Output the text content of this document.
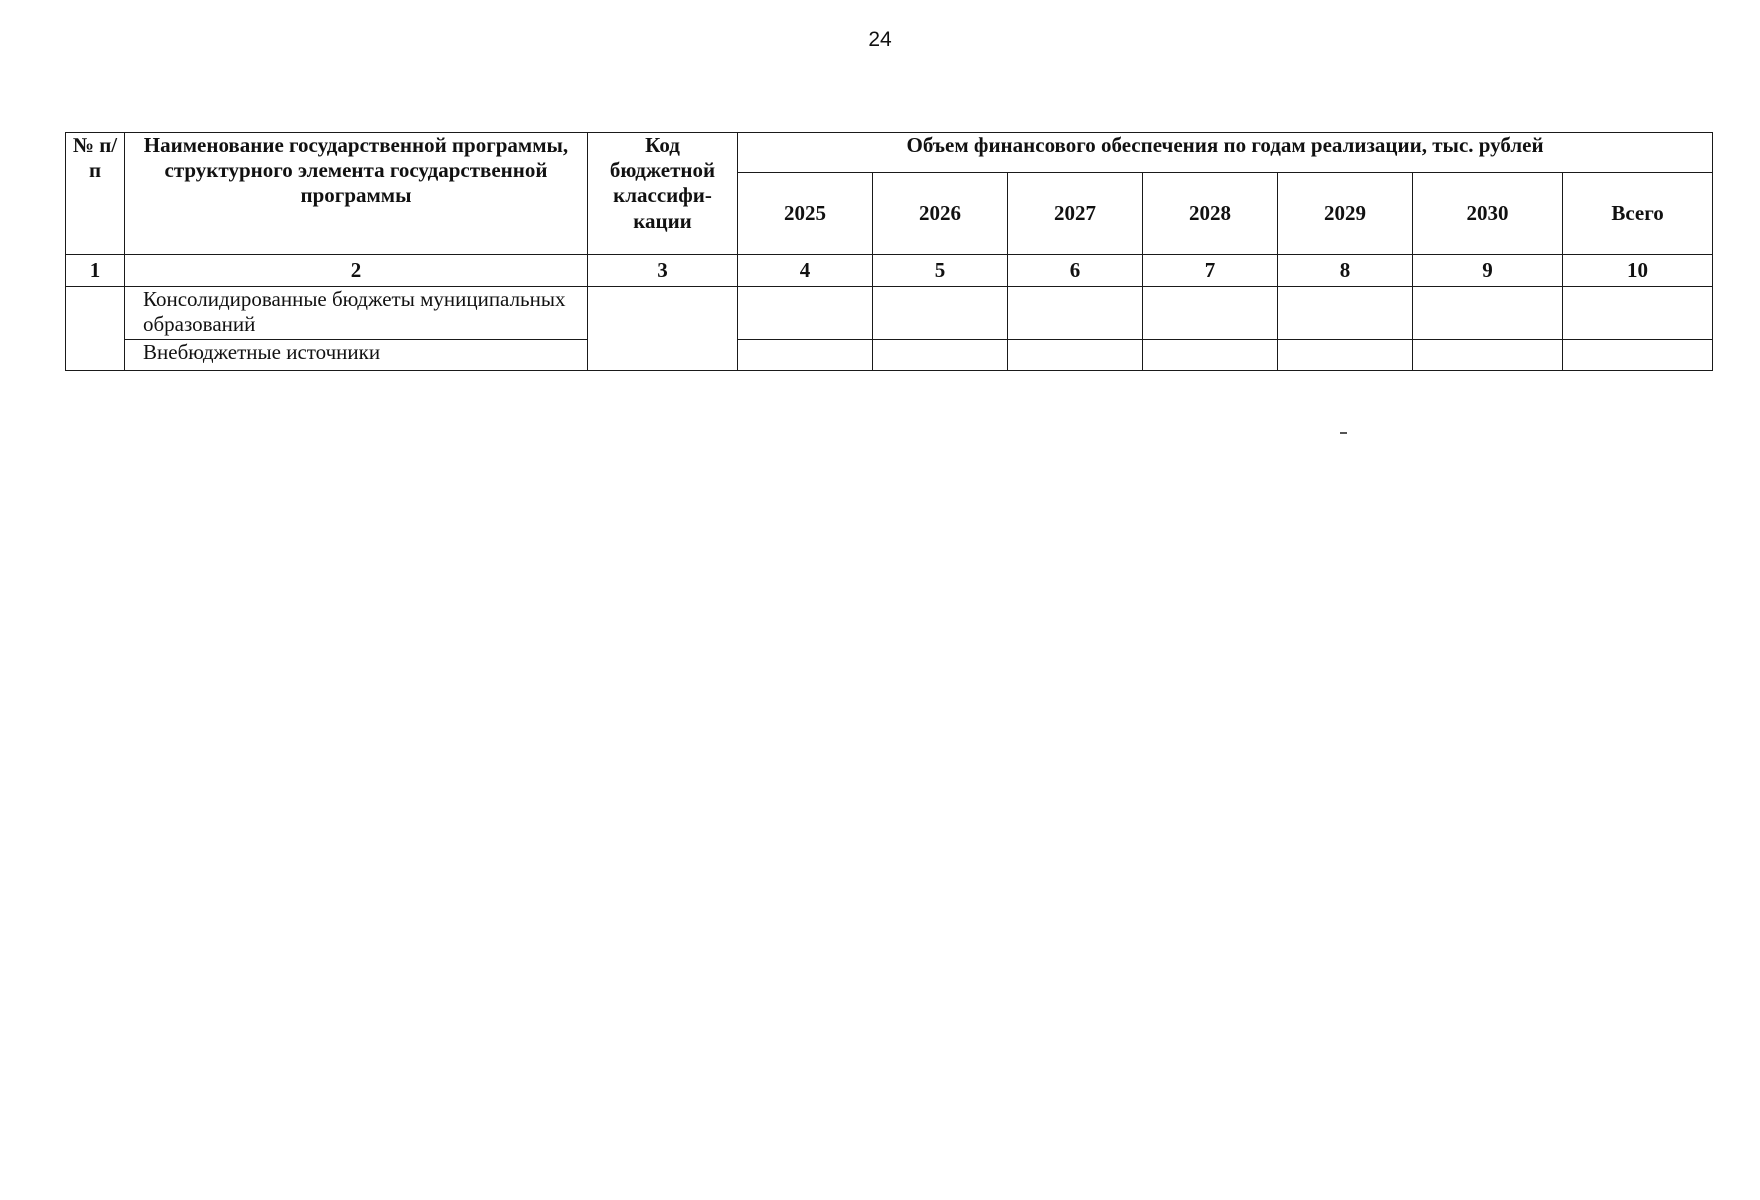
24
№ п/п	Наименование государственной программы, структурного элемента государственной программы	Код бюджетной классифи-кации	Объем финансового обеспечения по годам реализации, тыс. рублей						
			2025	2026	2027	2028	2029	2030	Всего
1	2	3	4	5	6	7	8	9	10
	Консолидированные бюджеты муниципальных образований								
	Внебюджетные источники								
